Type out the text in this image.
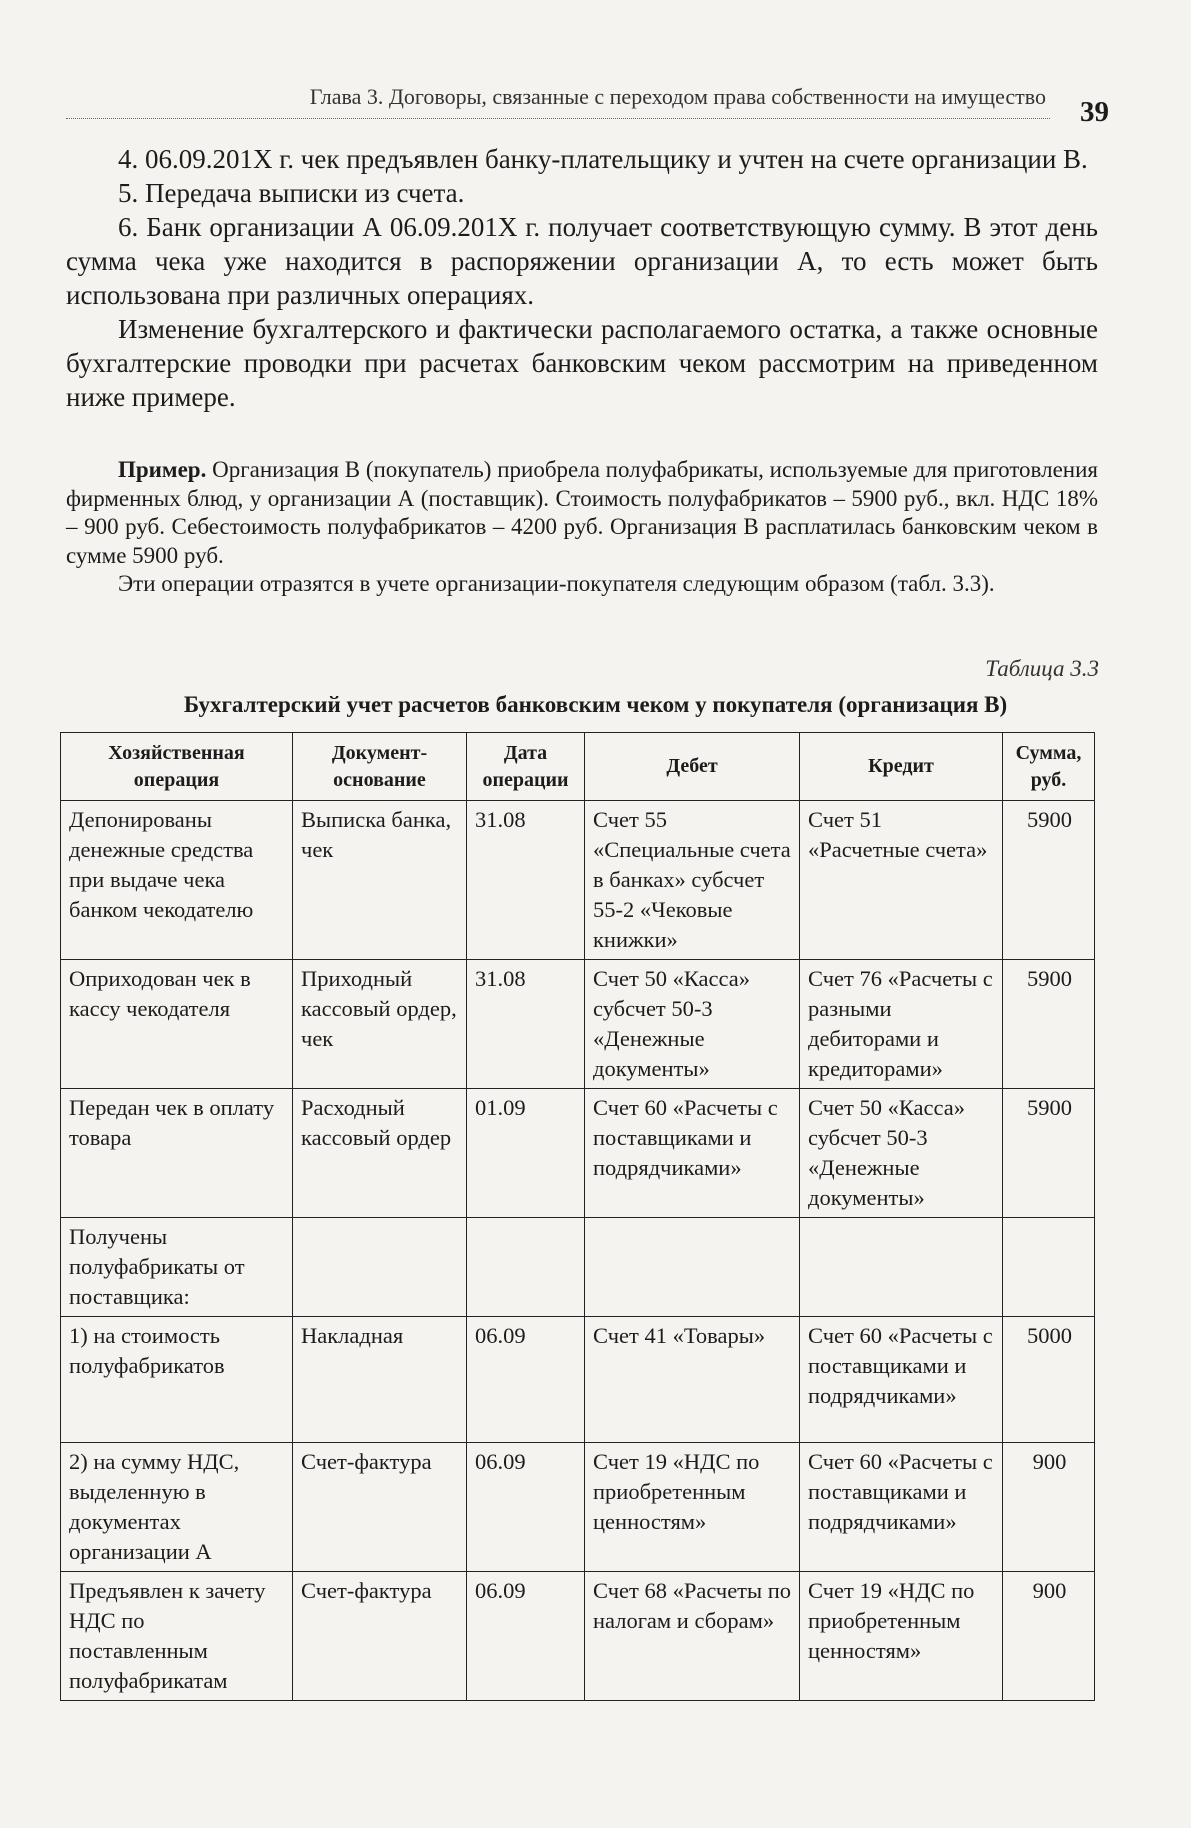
Глава 3. Договоры, связанные с переходом права собственности на имущество 39

4. 06.09.201X г. чек предъявлен банку-плательщику и учтен на счете организации В.

5. Передача выписки из счета.

6. Банк организации А 06.09.201X г. получает соответствующую сумму. В этот день сумма чека уже находится в распоряжении организации А, то есть может быть использована при различных операциях.

Изменение бухгалтерского и фактически располагаемого остатка, а также основные бухгалтерские проводки при расчетах банковским чеком рассмотрим на приведенном ниже примере.

Пример. Организация В (покупатель) приобрела полуфабрикаты, используемые для приготовления фирменных блюд, у организации А (поставщик). Стоимость полуфабрикатов – 5900 руб., вкл. НДС 18% – 900 руб. Себестоимость полуфабрикатов – 4200 руб. Организация В расплатилась банковским чеком в сумме 5900 руб.

Эти операции отразятся в учете организации-покупателя следующим образом (табл. 3.3).

Таблица 3.3
Бухгалтерский учет расчетов банковским чеком у покупателя (организация В)
Хозяйственная операция	Документ-основание	Дата операции	Дебет	Кредит	Сумма, руб.
Депонированы денежные средства при выдаче чека банком чекодателю	Выписка банка, чек	31.08	Счет 55 «Специальные счета в банках» субсчет 55-2 «Чековые книжки»	Счет 51 «Расчетные счета»	5900
Оприходован чек в кассу чекодателя	Приходный кассовый ордер, чек	31.08	Счет 50 «Касса» субсчет 50-3 «Денежные документы»	Счет 76 «Расчеты с разными дебиторами и кредиторами»	5900
Передан чек в оплату товара	Расходный кассовый ордер	01.09	Счет 60 «Расчеты с поставщиками и подрядчиками»	Счет 50 «Касса» субсчет 50-3 «Денежные документы»	5900
Получены полуфабрикаты от поставщика:					
1) на стоимость полуфабрикатов	Накладная	06.09	Счет 41 «Товары»	Счет 60 «Расчеты с поставщиками и подрядчиками»	5000
2) на сумму НДС, выделенную в документах организации А	Счет-фактура	06.09	Счет 19 «НДС по приобретенным ценностям»	Счет 60 «Расчеты с поставщиками и подрядчиками»	900
Предъявлен к зачету НДС по поставленным полуфабрикатам	Счет-фактура	06.09	Счет 68 «Расчеты по налогам и сборам»	Счет 19 «НДС по приобретенным ценностям»	900
